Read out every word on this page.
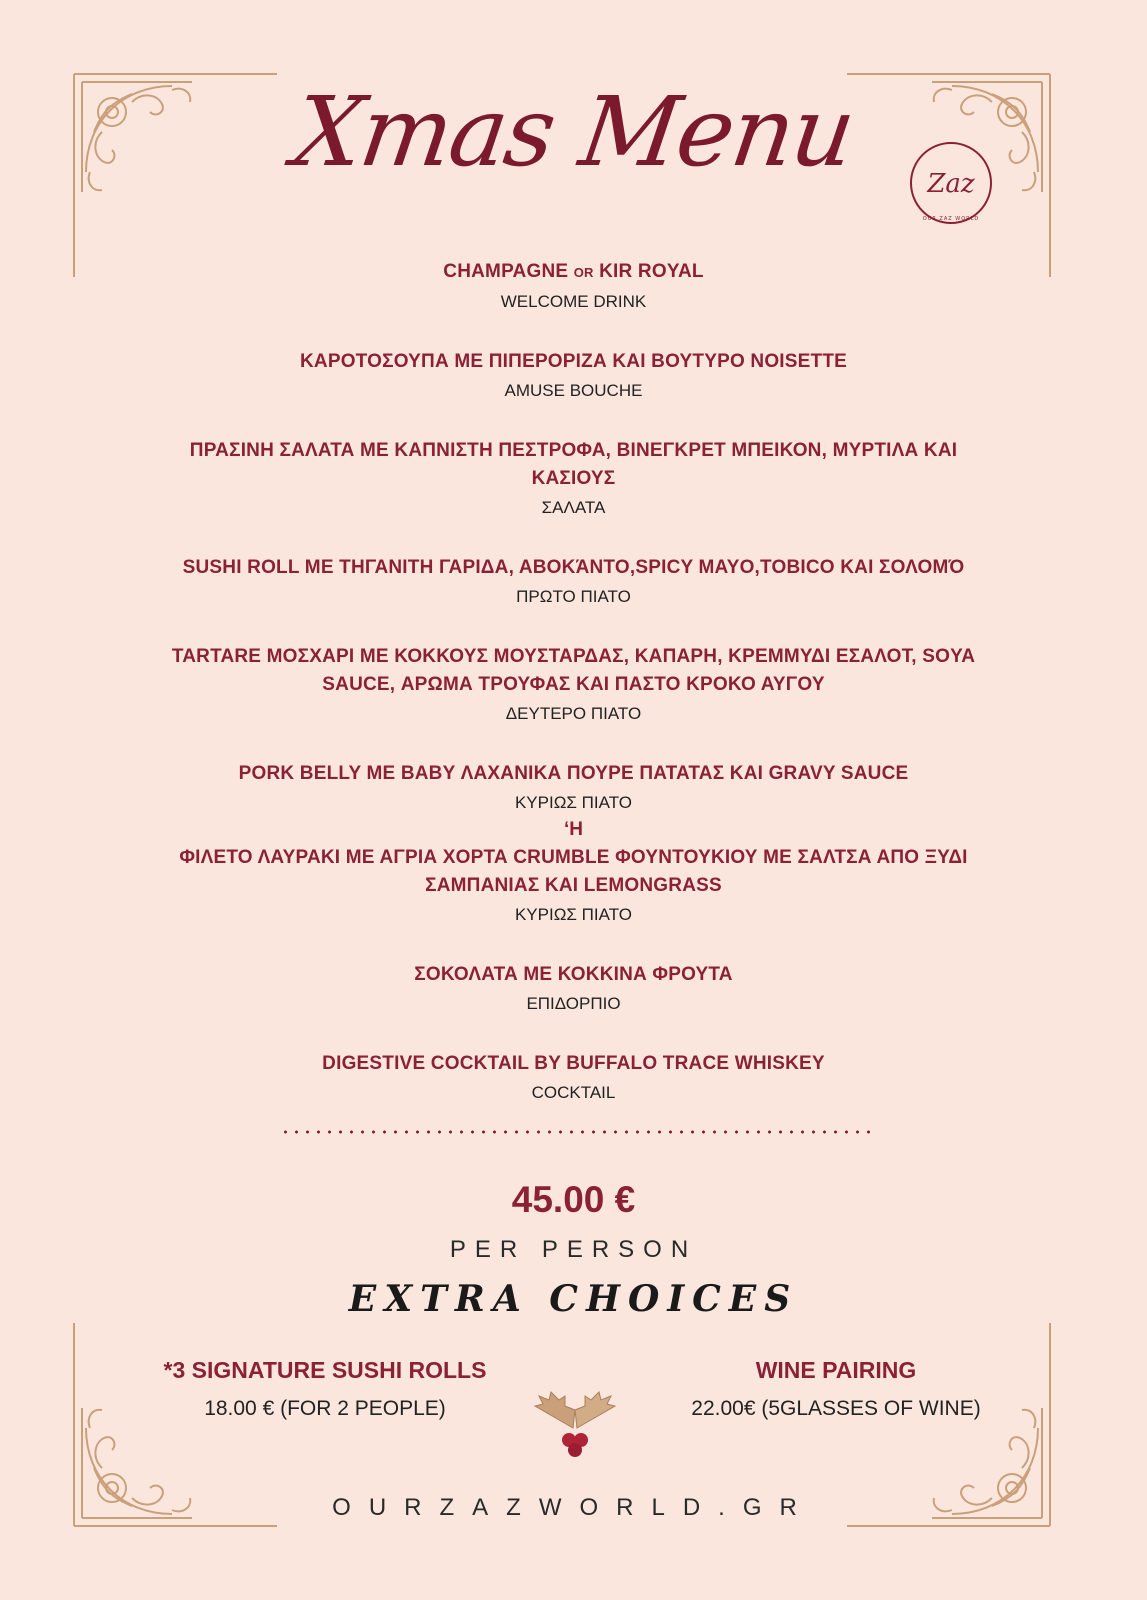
Xmas Menu	Zaz
OUR ZAZ WORLD
CHAMPAGNE OR KIR ROYAL
WELCOME DRINK
ΚΑΡΟΤΟΣΟΥΠΑ ΜΕ ΠΙΠΕΡΟΡΙΖΑ ΚΑΙ ΒΟΥΤΥΡΟ NOISETTE
AMUSE BOUCHE
ΠΡΑΣΙΝΗ ΣΑΛΑΤΑ ΜΕ ΚΑΠΝΙΣΤΗ ΠΕΣΤΡΟΦΑ, ΒΙΝΕΓΚΡΕΤ ΜΠΕΙΚΟΝ, ΜΥΡΤΙΛΑ ΚΑΙ
ΚΑΣΙΟΥΣ
ΣΑΛΑΤΑ
SUSHI ROLL ΜΕ ΤΗΓΑΝΙΤΗ ΓΑΡΙΔΑ, ΑΒΟΚΆΝΤΟ,SPICY MAYO,TOBICO ΚΑΙ ΣΟΛΟΜΌ
ΠΡΩΤΟ ΠΙΑΤΟ
TARTARE ΜΟΣΧΑΡΙ ΜΕ ΚΟΚΚΟΥΣ ΜΟΥΣΤΑΡΔΑΣ, ΚΑΠΑΡΗ, ΚΡΕΜΜΥΔΙ ΕΣΑΛΟΤ, SOYA
SAUCE, ΑΡΩΜΑ ΤΡΟΥΦΑΣ ΚΑΙ ΠΑΣΤΟ ΚΡΟΚΟ ΑΥΓΟΥ
ΔΕΥΤΕΡΟ ΠΙΑΤΟ
PORK BELLY ΜΕ BABY ΛΑΧΑΝΙΚΑ ΠΟΥΡΕ ΠΑΤΑΤΑΣ ΚΑΙ GRAVY SAUCE
ΚΥΡΙΩΣ ΠΙΑΤΟ
‘Η
ΦΙΛΕΤΟ ΛΑΥΡΑΚΙ ΜΕ ΑΓΡΙΑ ΧΟΡΤΑ CRUMBLE ΦΟΥΝΤΟΥΚΙΟΥ ΜΕ ΣΑΛΤΣΑ ΑΠΟ ΞΥΔΙ
ΣΑΜΠΑΝΙΑΣ ΚΑΙ LEMONGRASS
ΚΥΡΙΩΣ ΠΙΑΤΟ
ΣΟΚΟΛΑΤΑ ΜΕ ΚΟΚΚΙΝΑ ΦΡΟΥΤΑ
ΕΠΙΔΟΡΠΙΟ
DIGESTIVE COCKTAIL BY BUFFALO TRACE WHISKEY
COCKTAIL
45.00 €
PER PERSON
EXTRA CHOICES
*3 SIGNATURE SUSHI ROLLS
18.00 € (FOR 2 PEOPLE)
WINE PAIRING
22.00€ (5GLASSES OF WINE)
OURZAZWORLD.GR
